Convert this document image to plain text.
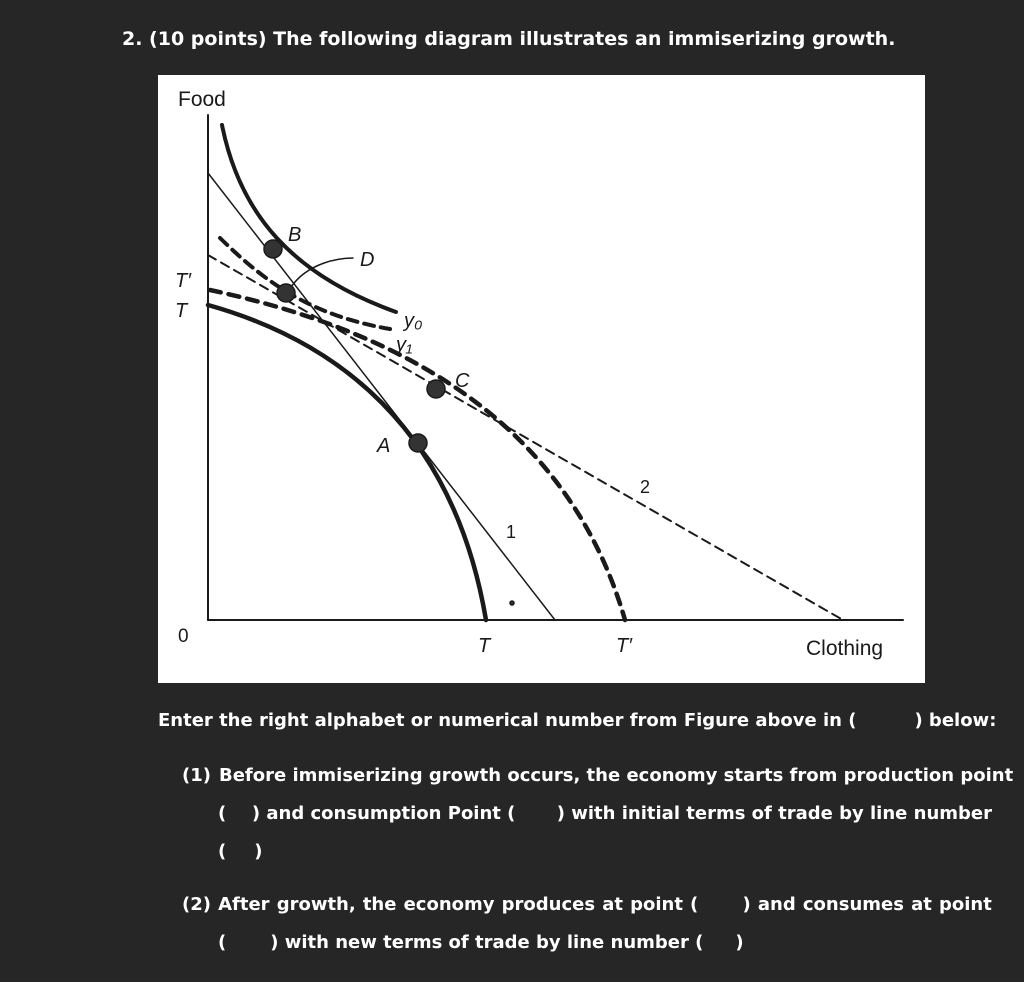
2. (10 points) The following diagram illustrates an immiserizing growth.
Food
Clothing
0
T′
T
T	T′
B
D
C
A
y₀
y₁
1
2
Enter the right alphabet or numerical number from Figure above in (	) below:
(1) Before immiserizing growth occurs, the economy starts from production point
( ) and consumption Point ( ) with initial terms of trade by line number
( )
(2) After growth, the economy produces at point ( ) and consumes at point
( ) with new terms of trade by line number ( )
